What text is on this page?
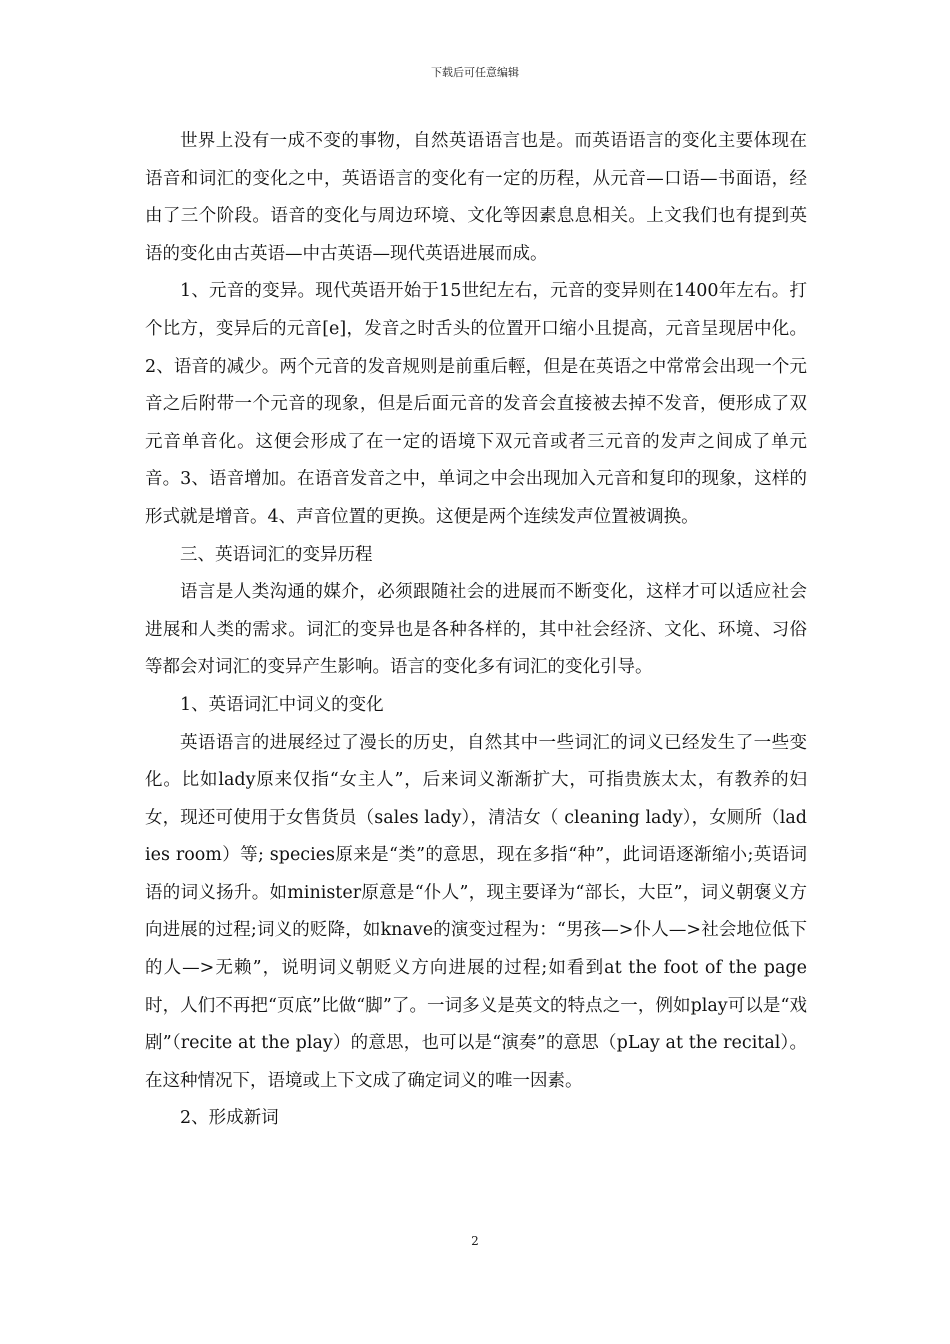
下载后可任意编辑

世界上没有一成不变的事物，自然英语语言也是。而英语语言的变化主要体现在语音和词汇的变化之中，英语语言的变化有一定的历程，从元音—口语—书面语，经由了三个阶段。语音的变化与周边环境、文化等因素息息相关。上文我们也有提到英语的变化由古英语—中古英语—现代英语进展而成。

1、元音的变异。现代英语开始于15世纪左右，元音的变异则在1400年左右。打个比方，变异后的元音[e]，发音之时舌头的位置开口缩小且提高，元音呈现居中化。2、语音的减少。两个元音的发音规则是前重后輕，但是在英语之中常常会出现一个元音之后附带一个元音的现象，但是后面元音的发音会直接被去掉不发音，便形成了双元音单音化。这便会形成了在一定的语境下双元音或者三元音的发声之间成了单元音。3、语音增加。在语音发音之中，单词之中会出现加入元音和复印的现象，这样的形式就是增音。4、声音位置的更换。这便是两个连续发声位置被调换。

三、英语词汇的变异历程

语言是人类沟通的媒介，必须跟随社会的进展而不断变化，这样才可以适应社会进展和人类的需求。词汇的变异也是各种各样的，其中社会经济、文化、环境、习俗等都会对词汇的变异产生影响。语言的变化多有词汇的变化引导。

1、英语词汇中词义的变化

英语语言的进展经过了漫长的历史，自然其中一些词汇的词义已经发生了一些变化。比如lady原来仅指“女主人”，后来词义渐渐扩大，可指贵族太太，有教养的妇女，现还可使用于女售货员（sales lady），清洁女（ cleaning lady），女厕所（ladies room）等; species原来是“类”的意思，现在多指“种”，此词语逐渐缩小;英语词语的词义扬升。如minister原意是“仆人”，现主要译为“部长，大臣”，词义朝褒义方向进展的过程;词义的贬降，如knave的演变过程为：“男孩—>仆人—>社会地位低下的人—>无赖”，说明词义朝贬义方向进展的过程;如看到at the foot of the page时，人们不再把“页底”比做“脚”了。一词多义是英文的特点之一，例如play可以是“戏剧”（recite at the play）的意思，也可以是“演奏”的意思（pLay at the recital）。在这种情况下，语境或上下文成了确定词义的唯一因素。

2、形成新词

2
